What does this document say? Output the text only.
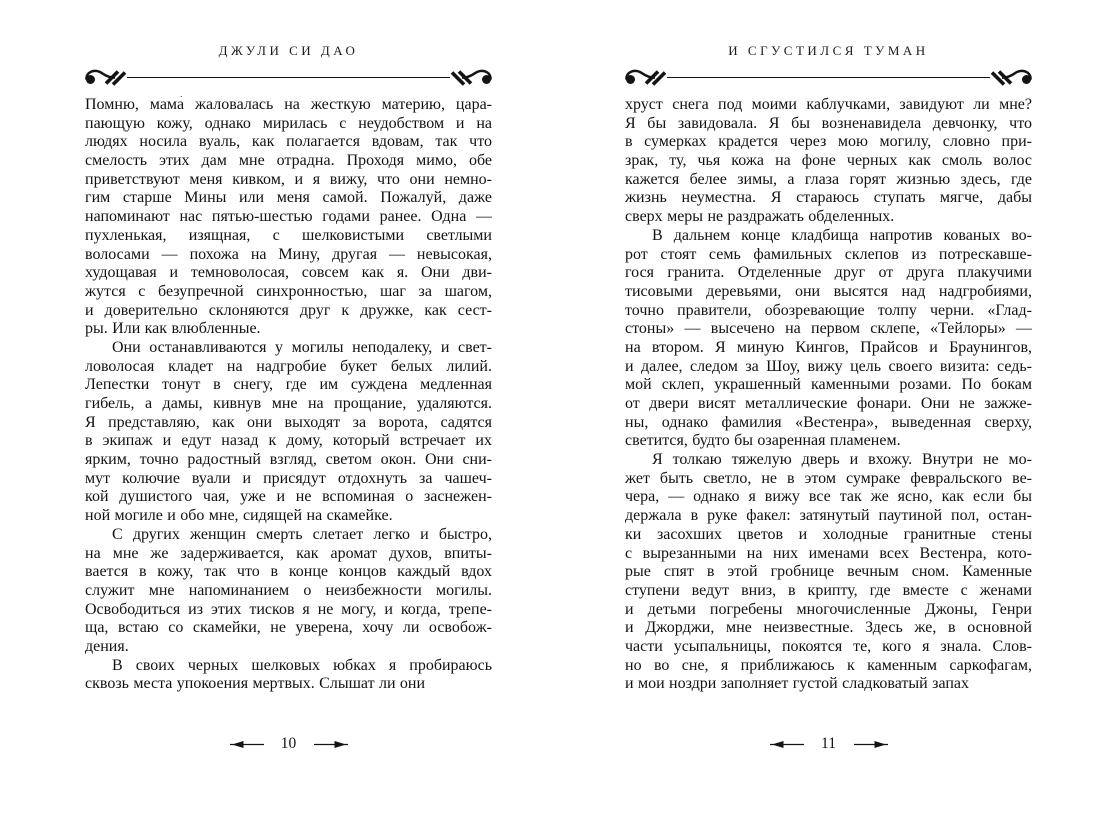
ДЖУЛИ СИ ДАО
Помню, мама́ жаловалась на жесткую материю, цара-
пающую кожу, однако мирилась с неудобством и на
людях носила вуаль, как полагается вдовам, так что
смелость этих дам мне отрадна. Проходя мимо, обе
приветствуют меня кивком, и я вижу, что они немно-
гим старше Мины или меня самой. Пожалуй, даже
напоминают нас пятью-шестью годами ранее. Одна —
пухленькая, изящная, с шелковистыми светлыми
волосами — похожа на Мину, другая — невысокая,
худощавая и темноволосая, совсем как я. Они дви-
жутся с безупречной синхронностью, шаг за шагом,
и доверительно склоняются друг к дружке, как сест-
ры. Или как влюбленные.
Они останавливаются у могилы неподалеку, и свет-
ловолосая кладет на надгробие букет белых лилий.
Лепестки тонут в снегу, где им суждена медленная
гибель, а дамы, кивнув мне на прощание, удаляются.
Я представляю, как они выходят за ворота, садятся
в экипаж и едут назад к дому, который встречает их
ярким, точно радостный взгляд, светом окон. Они сни-
мут колючие вуали и присядут отдохнуть за чашеч-
кой душистого чая, уже и не вспоминая о заснежен-
ной могиле и обо мне, сидящей на скамейке.
С других женщин смерть слетает легко и быстро,
на мне же задерживается, как аромат духов, впиты-
вается в кожу, так что в конце концов каждый вдох
служит мне напоминанием о неизбежности могилы.
Освободиться из этих тисков я не могу, и когда, трепе-
ща, встаю со скамейки, не уверена, хочу ли освобож-
дения.
В своих черных шелковых юбках я пробираюсь
сквозь места упокоения мертвых. Слышат ли они
10
И СГУСТИЛСЯ ТУМАН
хруст снега под моими каблучками, завидуют ли мне?
Я бы завидовала. Я бы возненавидела девчонку, что
в сумерках крадется через мою могилу, словно при-
зрак, ту, чья кожа на фоне черных как смоль волос
кажется белее зимы, а глаза горят жизнью здесь, где
жизнь неуместна. Я стараюсь ступать мягче, дабы
сверх меры не раздражать обделенных.
В дальнем конце кладбища напротив кованых во-
рот стоят семь фамильных склепов из потрескавше-
гося гранита. Отделенные друг от друга плакучими
тисовыми деревьями, они высятся над надгробиями,
точно правители, обозревающие толпу черни. «Глад-
стоны» — высечено на первом склепе, «Тейлоры» —
на втором. Я миную Кингов, Прайсов и Браунингов,
и далее, следом за Шоу, вижу цель своего визита: седь-
мой склеп, украшенный каменными розами. По бокам
от двери висят металлические фонари. Они не зажже-
ны, однако фамилия «Вестенра», выведенная сверху,
светится, будто бы озаренная пламенем.
Я толкаю тяжелую дверь и вхожу. Внутри не мо-
жет быть светло, не в этом сумраке февральского ве-
чера, — однако я вижу все так же ясно, как если бы
держала в руке факел: затянутый паутиной пол, остан-
ки засохших цветов и холодные гранитные стены
с вырезанными на них именами всех Вестенра, кото-
рые спят в этой гробнице вечным сном. Каменные
ступени ведут вниз, в крипту, где вместе с женами
и детьми погребены многочисленные Джоны, Генри
и Джорджи, мне неизвестные. Здесь же, в основной
части усыпальницы, покоятся те, кого я знала. Слов-
но во сне, я приближаюсь к каменным саркофагам,
и мои ноздри заполняет густой сладковатый запах
11
